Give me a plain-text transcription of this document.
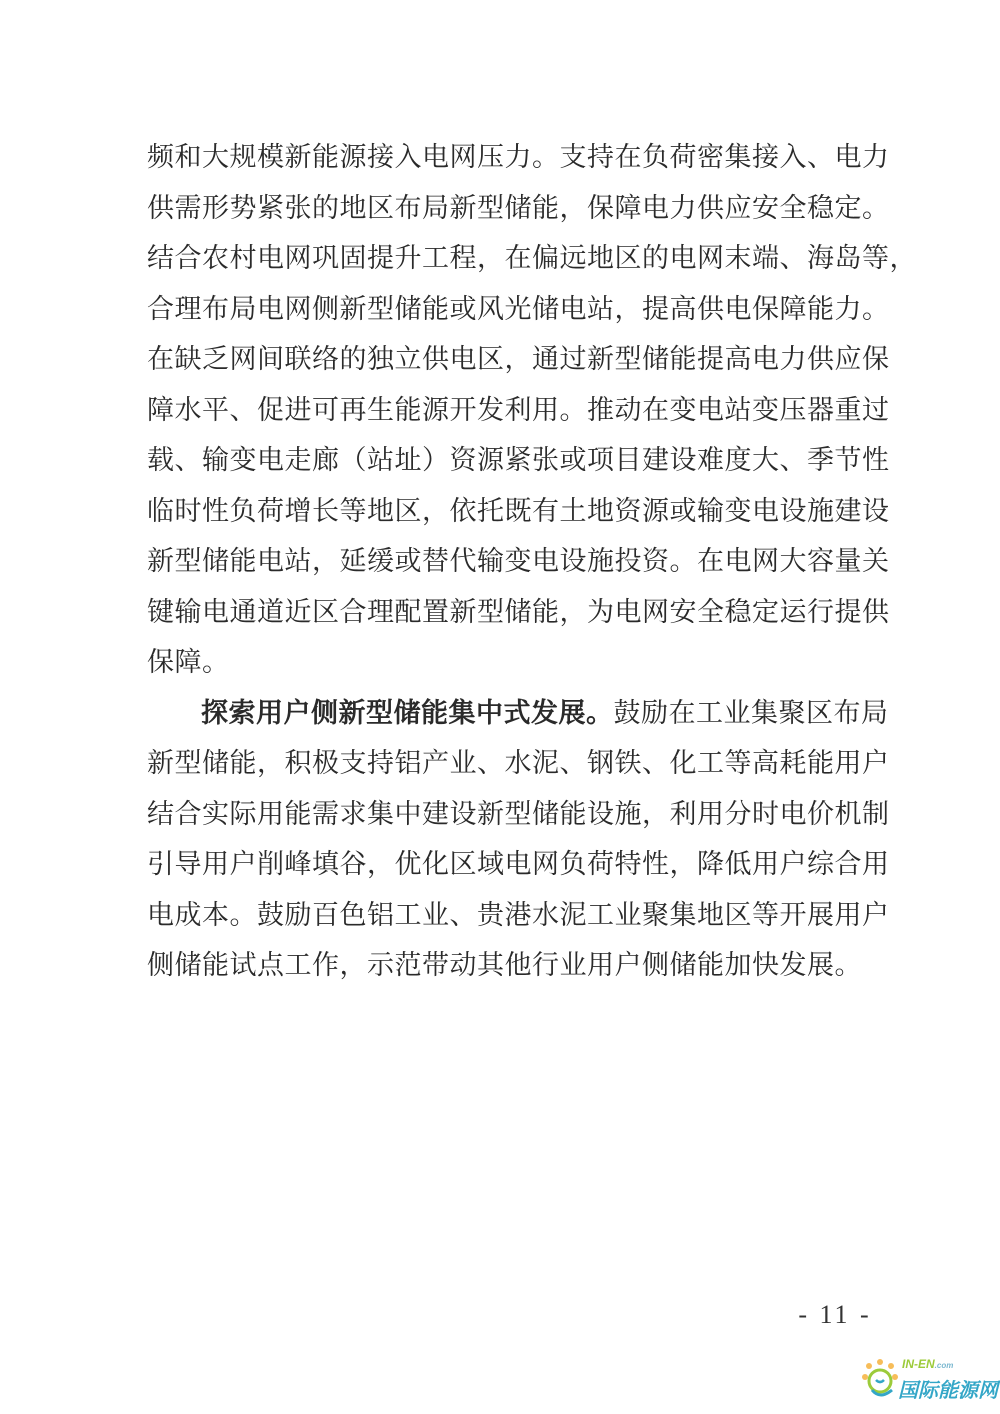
频和大规模新能源接入电网压力。支持在负荷密集接入、电力
供需形势紧张的地区布局新型储能，保障电力供应安全稳定。
结合农村电网巩固提升工程，在偏远地区的电网末端、海岛等，
合理布局电网侧新型储能或风光储电站，提高供电保障能力。
在缺乏网间联络的独立供电区，通过新型储能提高电力供应保
障水平、促进可再生能源开发利用。推动在变电站变压器重过
载、输变电走廊（站址）资源紧张或项目建设难度大、季节性
临时性负荷增长等地区，依托既有土地资源或输变电设施建设
新型储能电站，延缓或替代输变电设施投资。在电网大容量关
键输电通道近区合理配置新型储能，为电网安全稳定运行提供
保障。
探索用户侧新型储能集中式发展。鼓励在工业集聚区布局
新型储能，积极支持铝产业、水泥、钢铁、化工等高耗能用户
结合实际用能需求集中建设新型储能设施，利用分时电价机制
引导用户削峰填谷，优化区域电网负荷特性，降低用户综合用
电成本。鼓励百色铝工业、贵港水泥工业聚集地区等开展用户
侧储能试点工作，示范带动其他行业用户侧储能加快发展。
- 11 -
IN-EN.com
国际能源网
